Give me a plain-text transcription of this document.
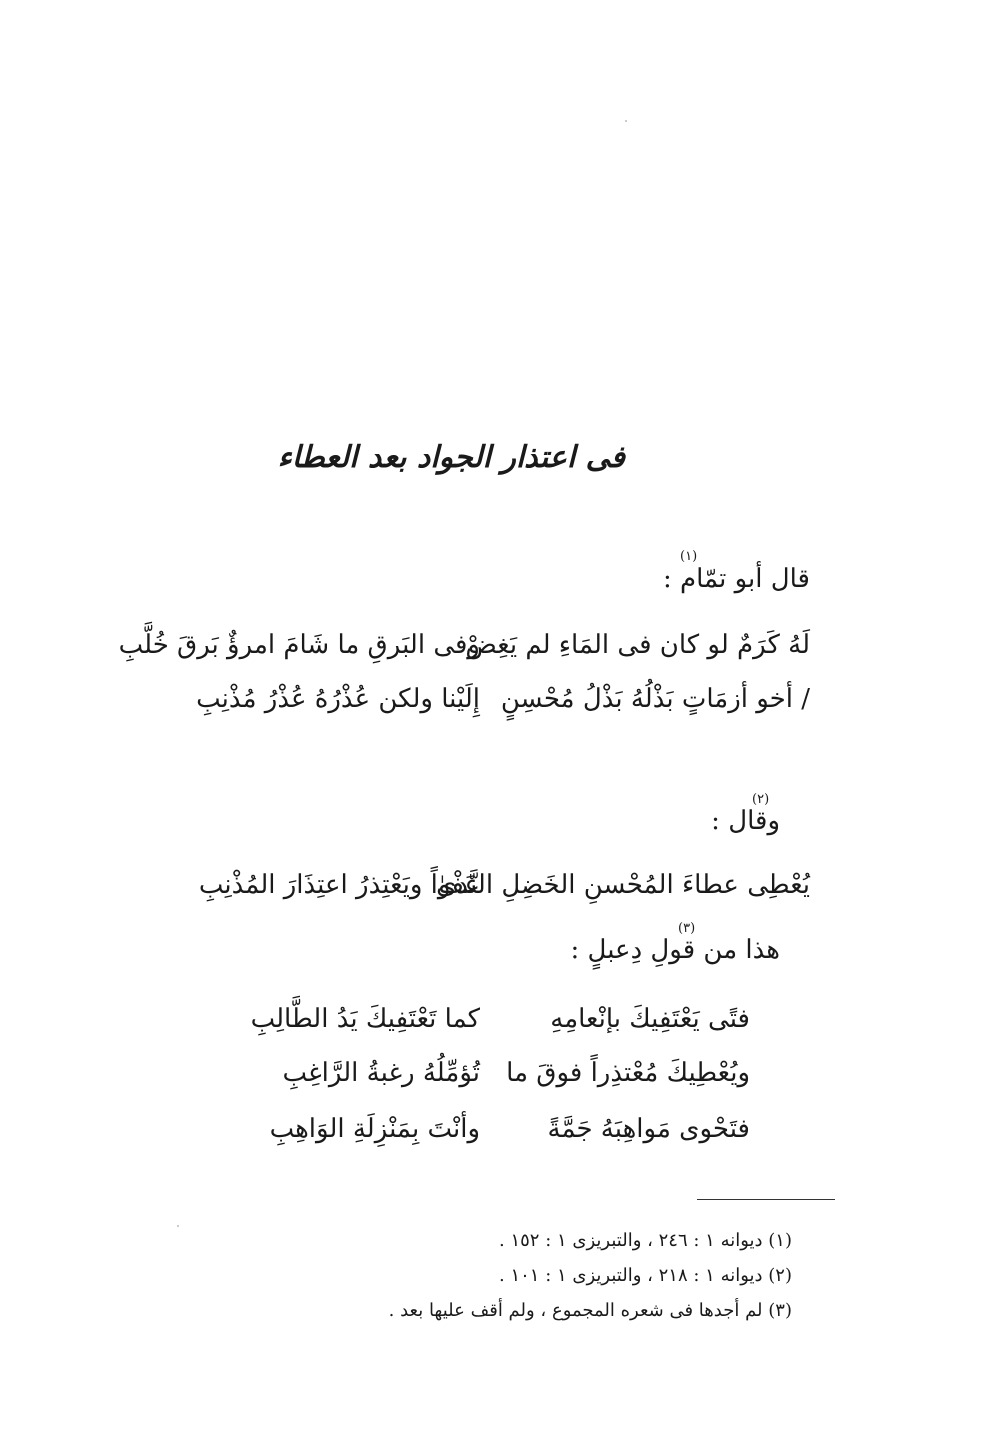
فى اعتذار الجواد بعد العطاء
(١)
قال أبو تمّام :
لَهُ كَرَمٌ لو كان فى المَاءِ لم يَغِضْ
وفى البَرقِ ما شَامَ امرؤٌ بَرقَ خُلَّبِ
/ أخو أزمَاتٍ بَذْلُهُ بَذْلُ مُحْسِنٍ
إِلَيْنا ولكن عُذْرُهُ عُذْرُ مُذْنِبِ
(٢)
وقال :
يُعْطِى عطاءَ المُحْسنِ الخَضِلِ النَّدىٰ
عَفْواً ويَعْتِذرُ اعتِذَارَ المُذْنِبِ
(٣)
هذا من قولِ دِعبلٍ :
فتًى يَعْتَفِيكَ بإنْعامِهِ
كما تَعْتَفِيكَ يَدُ الطَّالِبِ
ويُعْطِيكَ مُعْتذِراً فوقَ ما
تُؤمِّلُهُ رغبةُ الرَّاغِبِ
فتَحْوى مَواهِبَهُ جَمَّةً
وأنْتَ بِمَنْزِلَةِ الوَاهِبِ
(١) ديوانه ١ : ٢٤٦ ، والتبريزى ١ : ١٥٢ .
(٢) ديوانه ١ : ٢١٨ ، والتبريزى ١ : ١٠١ .
(٣) لم أجدها فى شعره المجموع ، ولم أقف عليها بعد .
